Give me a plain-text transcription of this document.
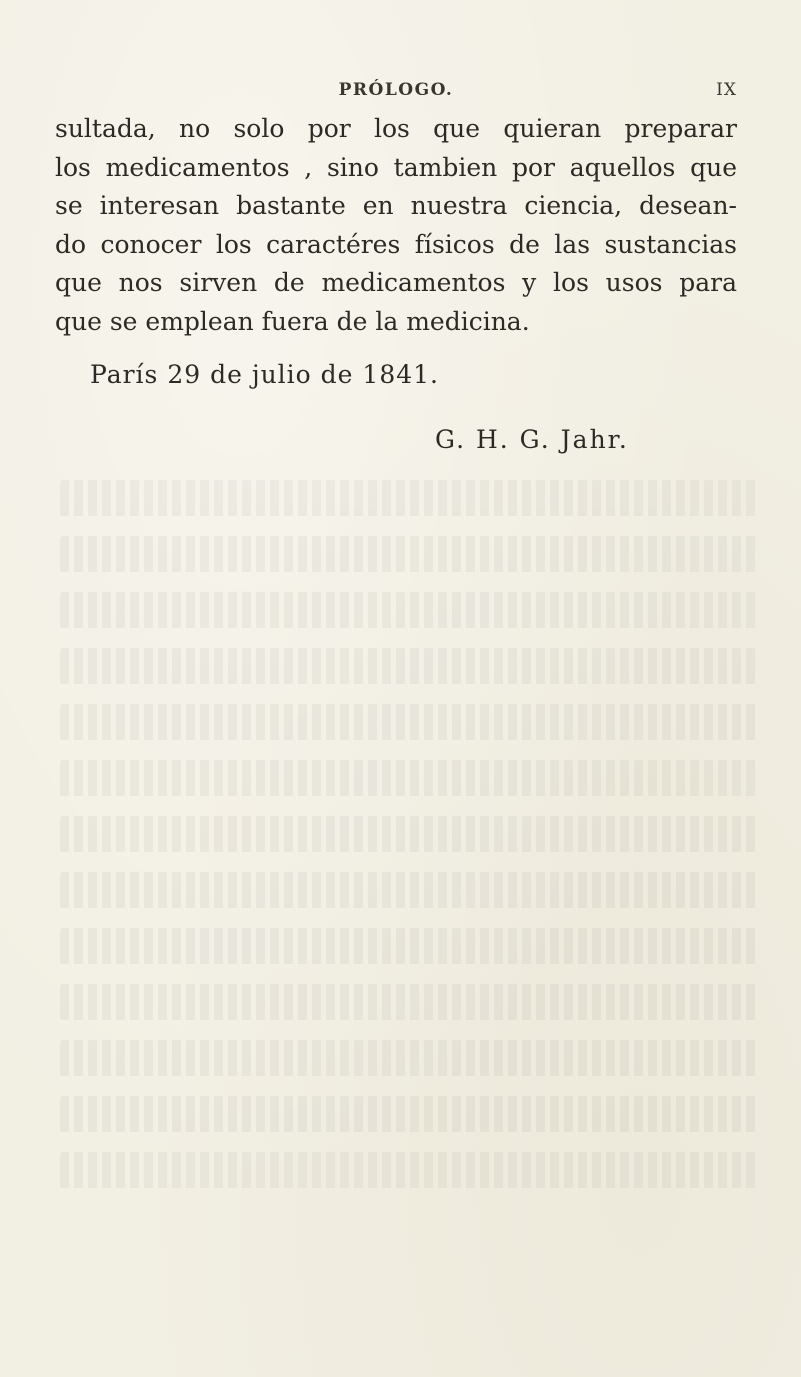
PRÓLOGO.	IX
sultada, no solo por los que quieran preparar
los medicamentos , sino tambien por aquellos que
se interesan bastante en nuestra ciencia, desean-
do conocer los caractéres físicos de las sustancias
que nos sirven de medicamentos y los usos para
que se emplean fuera de la medicina.
París 29 de julio de 1841.
G. H. G. Jahr.
